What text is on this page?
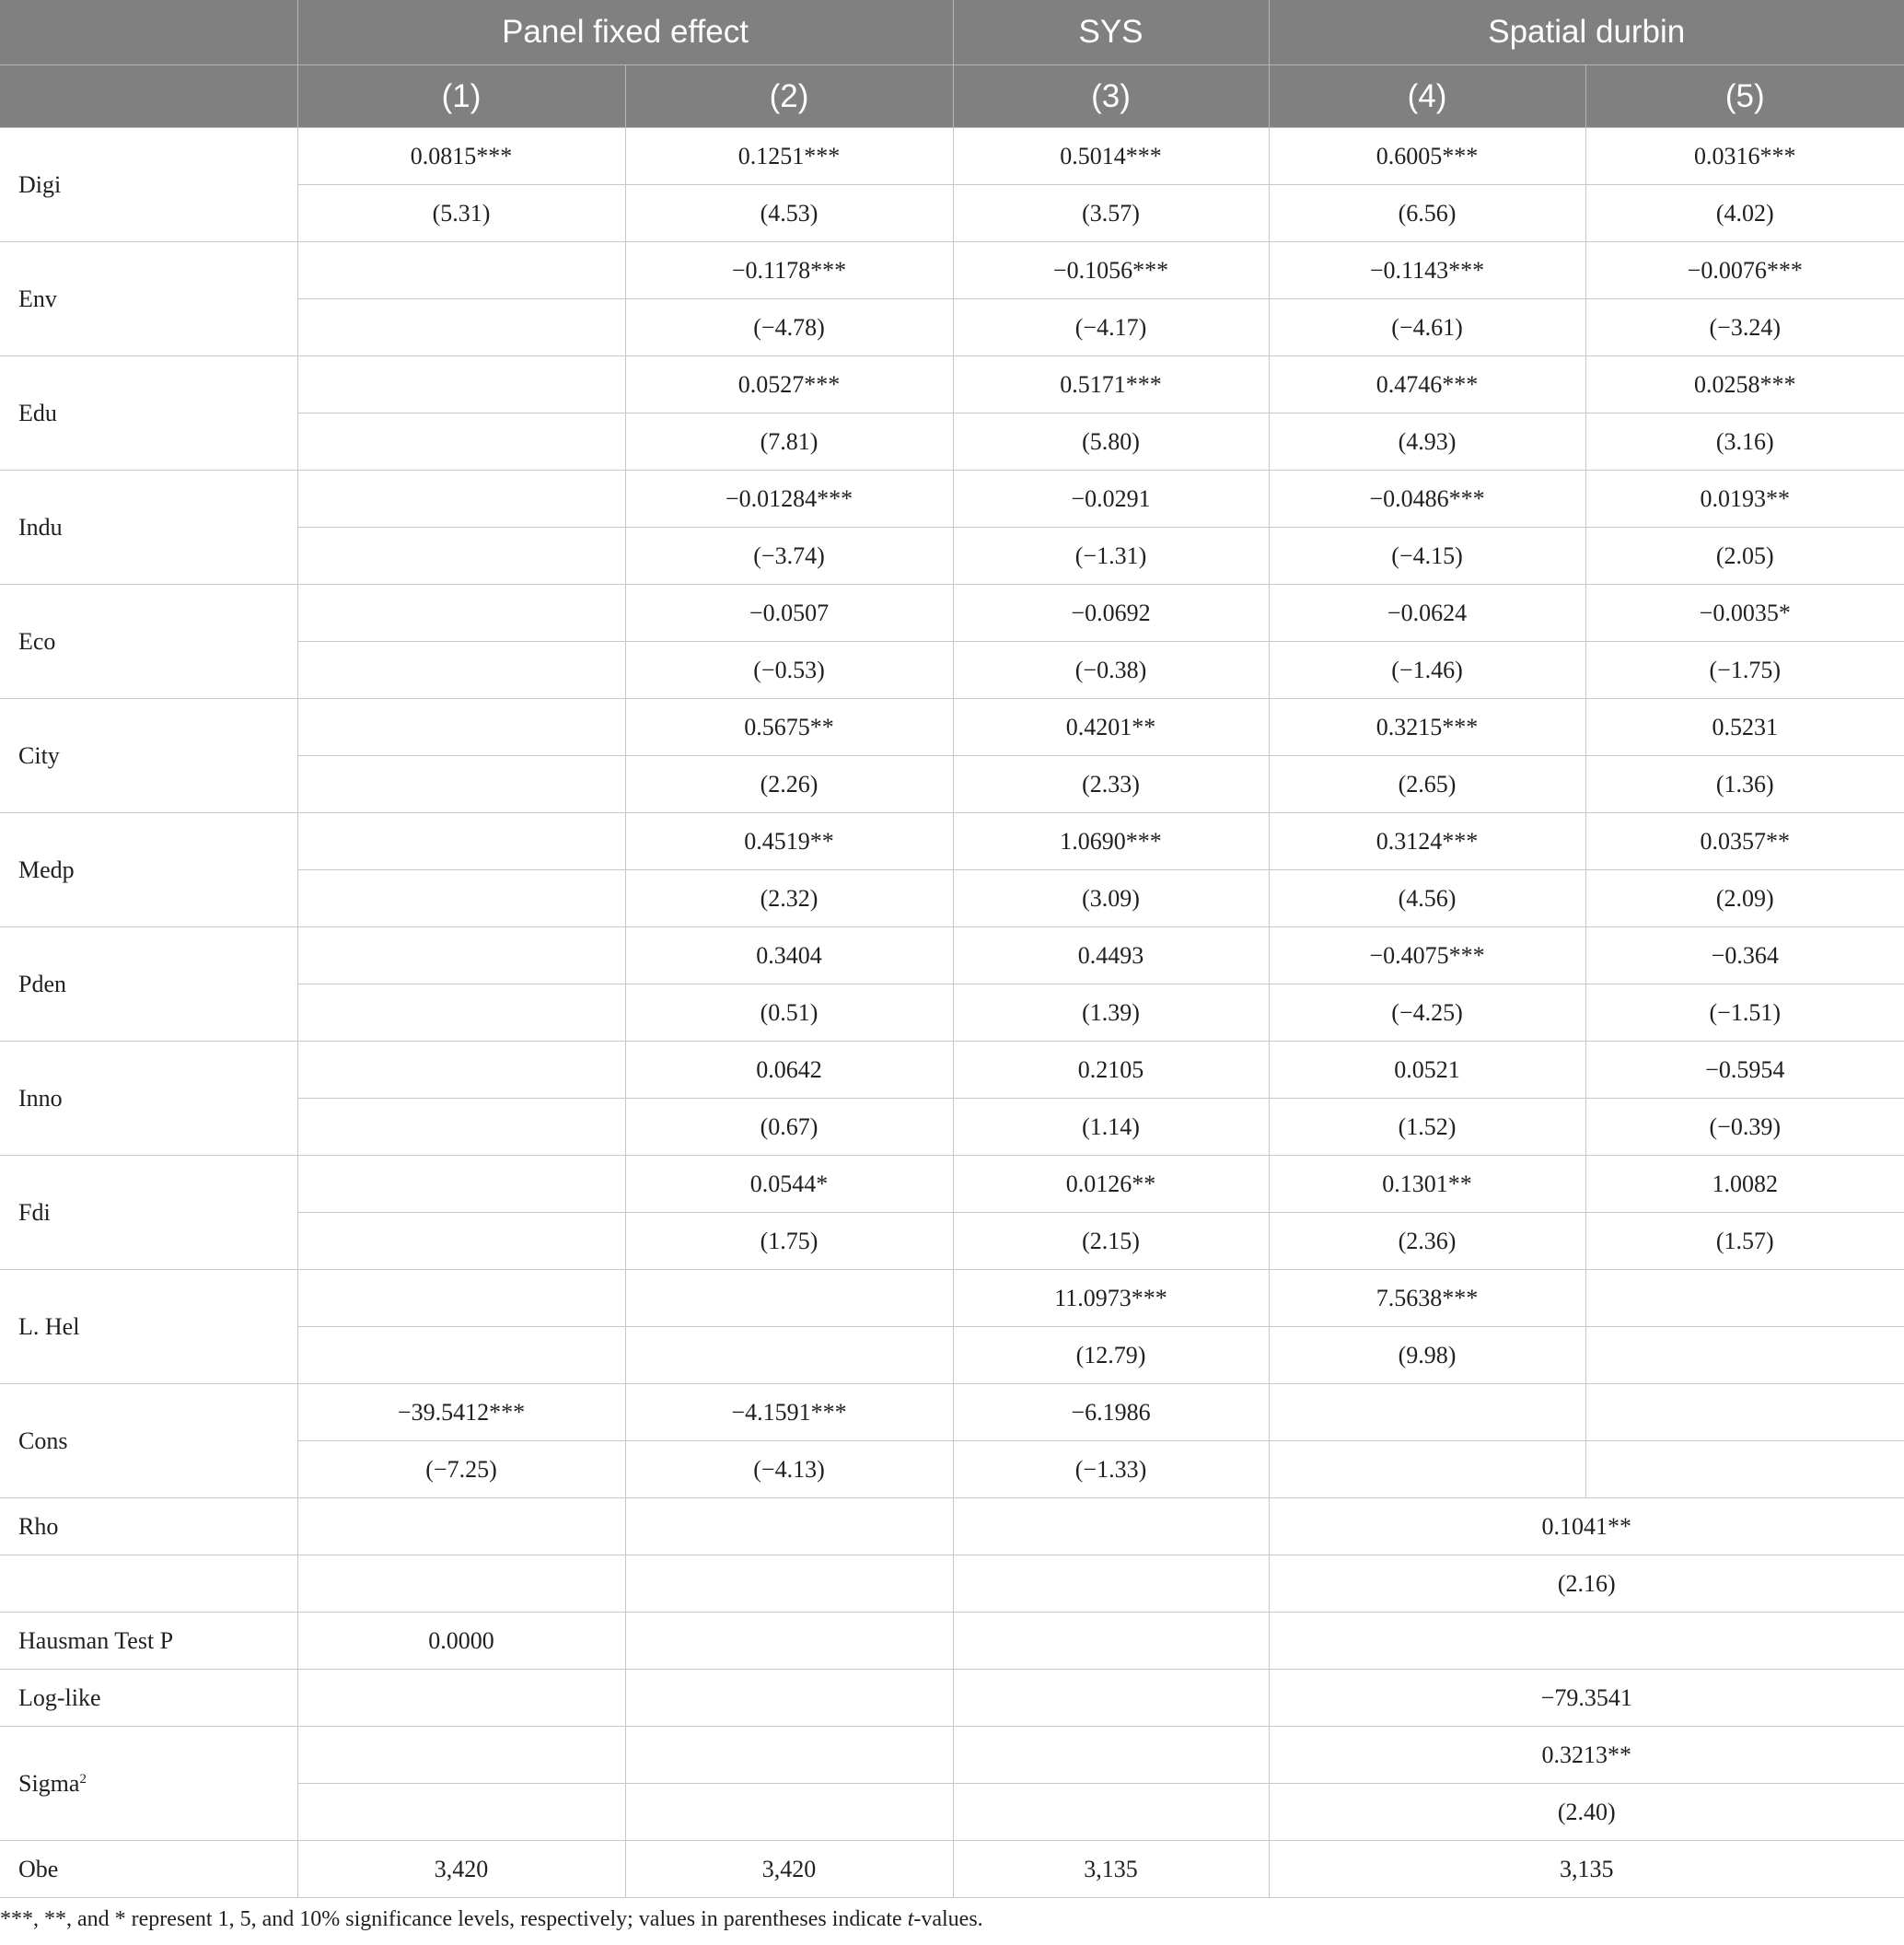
	Panel fixed effect		SYS	Spatial durbin	
	(1)	(2)	(3)	(4)	(5)
Digi	0.0815***	0.1251***	0.5014***	0.6005***	0.0316***
	(5.31)	(4.53)	(3.57)	(6.56)	(4.02)
Env		−0.1178***	−0.1056***	−0.1143***	−0.0076***
		(−4.78)	(−4.17)	(−4.61)	(−3.24)
Edu		0.0527***	0.5171***	0.4746***	0.0258***
		(7.81)	(5.80)	(4.93)	(3.16)
Indu		−0.01284***	−0.0291	−0.0486***	0.0193**
		(−3.74)	(−1.31)	(−4.15)	(2.05)
Eco		−0.0507	−0.0692	−0.0624	−0.0035*
		(−0.53)	(−0.38)	(−1.46)	(−1.75)
City		0.5675**	0.4201**	0.3215***	0.5231
		(2.26)	(2.33)	(2.65)	(1.36)
Medp		0.4519**	1.0690***	0.3124***	0.0357**
		(2.32)	(3.09)	(4.56)	(2.09)
Pden		0.3404	0.4493	−0.4075***	−0.364
		(0.51)	(1.39)	(−4.25)	(−1.51)
Inno		0.0642	0.2105	0.0521	−0.5954
		(0.67)	(1.14)	(1.52)	(−0.39)
Fdi		0.0544*	0.0126**	0.1301**	1.0082
		(1.75)	(2.15)	(2.36)	(1.57)
L. Hel			11.0973***	7.5638***	
			(12.79)	(9.98)	
Cons	−39.5412***	−4.1591***	−6.1986		
	(−7.25)	(−4.13)	(−1.33)		
Rho				0.1041**	
				(2.16)	
Hausman Test P	0.0000				
Log-like				−79.3541	
Sigma$^2$				0.3213**	
				(2.40)	
Obe	3,420	3,420	3,135	3,135	

***, **, and * represent 1, 5, and 10% significance levels, respectively; values in parentheses indicate t-values.
